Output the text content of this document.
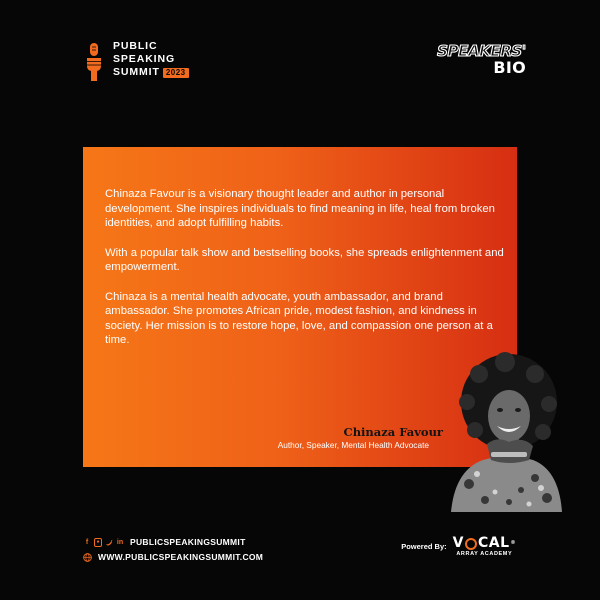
PUBLIC
SPEAKING
SUMMIT 2023
SPEAKERS'
BIO

Chinaza Favour is a visionary thought leader and author in personal development. She inspires individuals to find meaning in life, heal from broken identities, and adopt fulfilling habits.

With a popular talk show and bestselling books, she spreads enlightenment and empowerment.

Chinaza is a mental health advocate, youth ambassador, and brand ambassador. She promotes African pride, modest fashion, and kindness in society. Her mission is to restore hope, love, and compassion one person at a time.

Chinaza Favour
Author, Speaker, Mental Health Advocate
f	●	in PUBLICSPEAKINGSUMMIT
WWW.PUBLICSPEAKINGSUMMIT.COM
Powered By: V CAL ®
ARRAY ACADEMY
